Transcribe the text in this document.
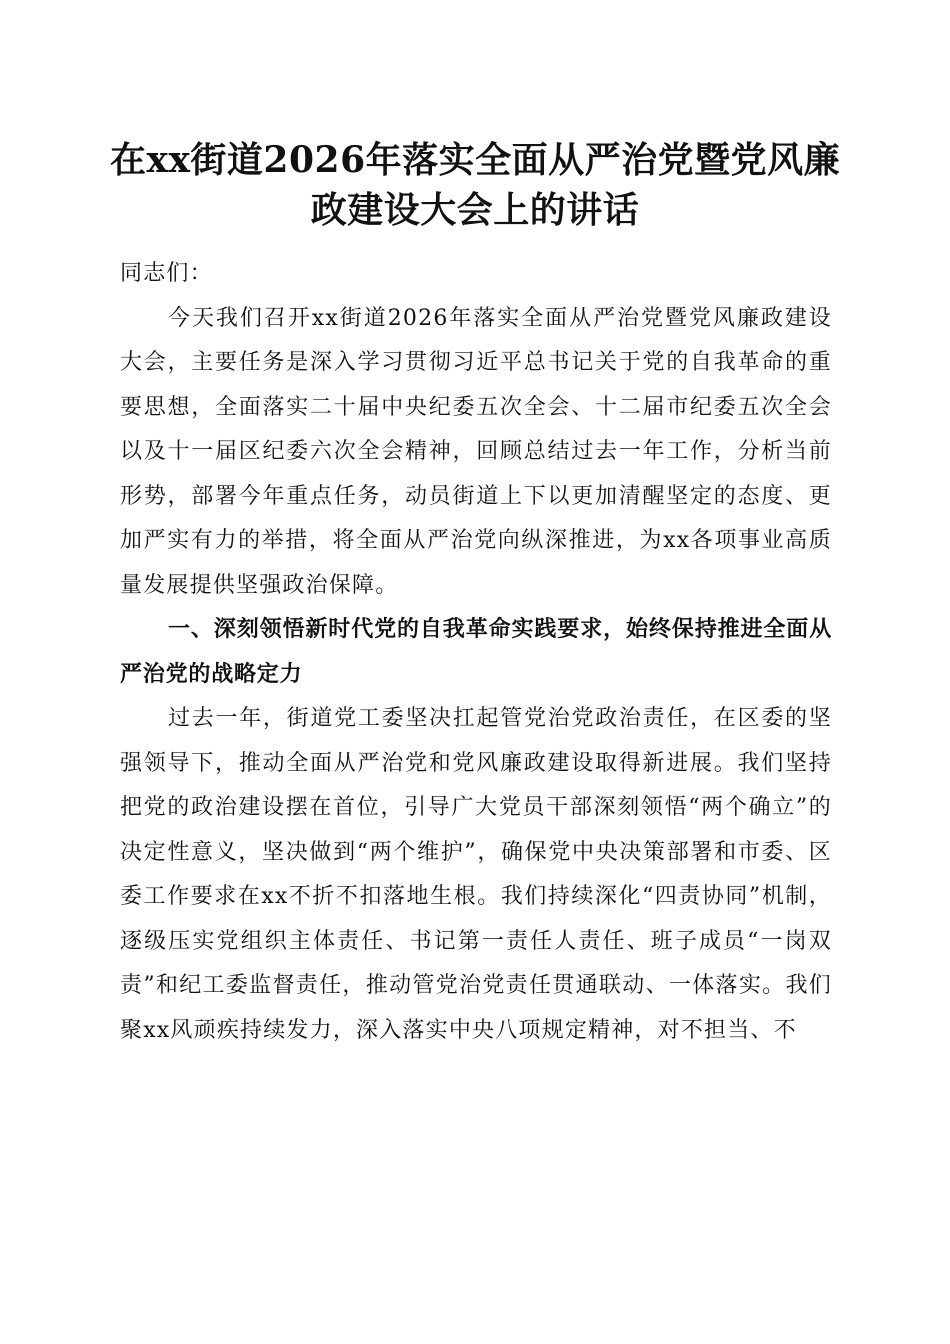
在xx街道2026年落实全面从严治党暨党风廉
政建设大会上的讲话

同志们：

今天我们召开xx街道2026年落实全面从严治党暨党风廉政建设大会，主要任务是深入学习贯彻习近平总书记关于党的自我革命的重要思想，全面落实二十届中央纪委五次全会、十二届市纪委五次全会以及十一届区纪委六次全会精神，回顾总结过去一年工作，分析当前形势，部署今年重点任务，动员街道上下以更加清醒坚定的态度、更加严实有力的举措，将全面从严治党向纵深推进，为xx各项事业高质量发展提供坚强政治保障。

一、深刻领悟新时代党的自我革命实践要求，始终保持推进全面从严治党的战略定力

过去一年，街道党工委坚决扛起管党治党政治责任，在区委的坚强领导下，推动全面从严治党和党风廉政建设取得新进展。我们坚持把党的政治建设摆在首位，引导广大党员干部深刻领悟“两个确立”的决定性意义，坚决做到“两个维护”，确保党中央决策部署和市委、区委工作要求在xx不折不扣落地生根。我们持续深化“四责协同”机制，逐级压实党组织主体责任、书记第一责任人责任、班子成员“一岗双责”和纪工委监督责任，推动管党治党责任贯通联动、一体落实。我们聚xx风顽疾持续发力，深入落实中央八项规定精神，对不担当、不
